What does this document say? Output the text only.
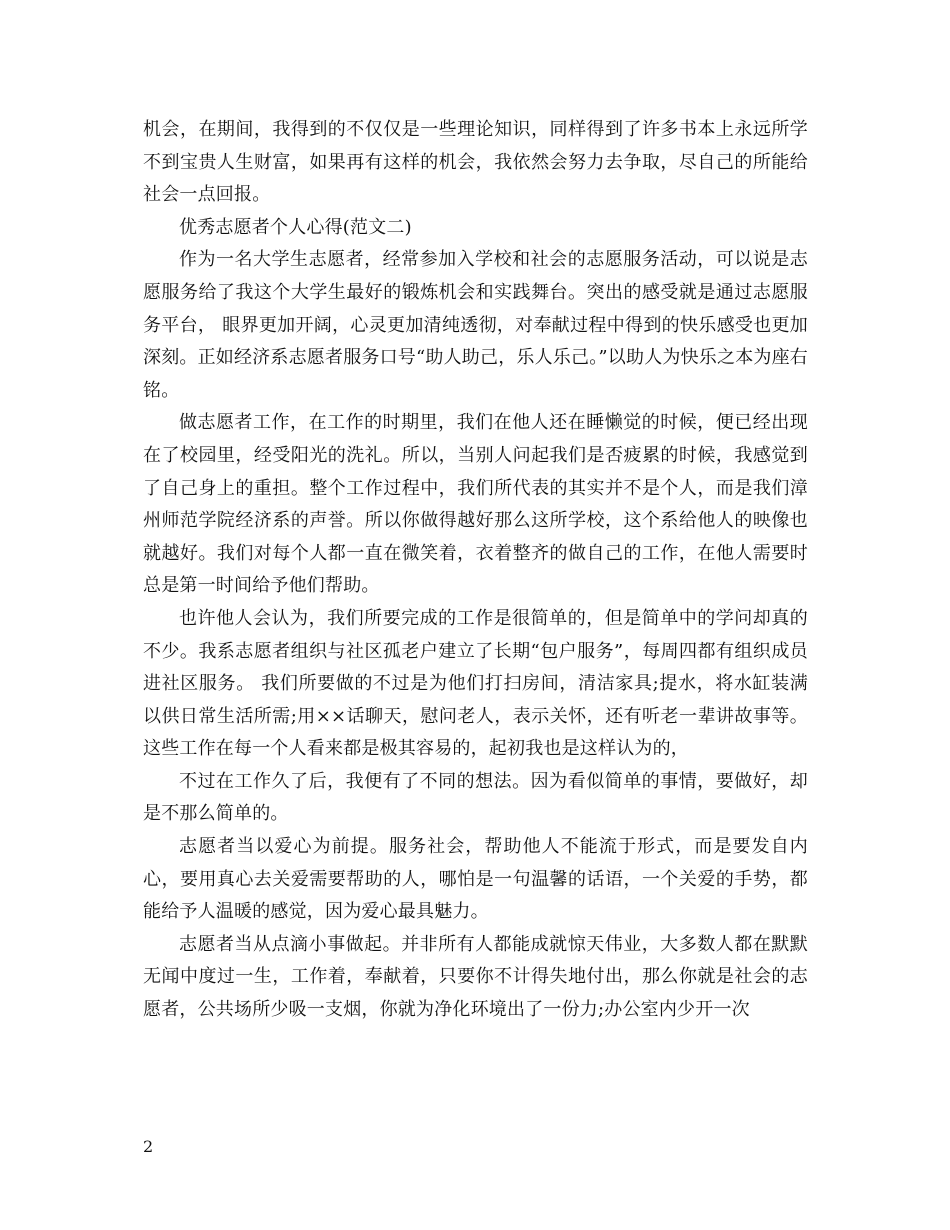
机会，在期间，我得到的不仅仅是一些理论知识，同样得到了许多书本上永远所学不到宝贵人生财富，如果再有这样的机会，我依然会努力去争取，尽自己的所能给社会一点回报。

优秀志愿者个人心得(范文二)

作为一名大学生志愿者，经常参加入学校和社会的志愿服务活动，可以说是志愿服务给了我这个大学生最好的锻炼机会和实践舞台。突出的感受就是通过志愿服务平台， 眼界更加开阔，心灵更加清纯透彻，对奉献过程中得到的快乐感受也更加深刻。正如经济系志愿者服务口号“助人助己，乐人乐己。”以助人为快乐之本为座右铭。

做志愿者工作，在工作的时期里，我们在他人还在睡懒觉的时候，便已经出现在了校园里，经受阳光的洗礼。所以，当别人问起我们是否疲累的时候，我感觉到了自己身上的重担。整个工作过程中，我们所代表的其实并不是个人，而是我们漳州师范学院经济系的声誉。所以你做得越好那么这所学校，这个系给他人的映像也就越好。我们对每个人都一直在微笑着，衣着整齐的做自己的工作，在他人需要时总是第一时间给予他们帮助。

也许他人会认为，我们所要完成的工作是很简单的，但是简单中的学问却真的不少。我系志愿者组织与社区孤老户建立了长期“包户服务”，每周四都有组织成员进社区服务。 我们所要做的不过是为他们打扫房间，清洁家具;提水，将水缸装满以供日常生活所需;用××话聊天，慰问老人，表示关怀，还有听老一辈讲故事等。这些工作在每一个人看来都是极其容易的，起初我也是这样认为的，

不过在工作久了后，我便有了不同的想法。因为看似简单的事情，要做好，却是不那么简单的。

志愿者当以爱心为前提。服务社会，帮助他人不能流于形式，而是要发自内心，要用真心去关爱需要帮助的人，哪怕是一句温馨的话语，一个关爱的手势，都能给予人温暖的感觉，因为爱心最具魅力。

志愿者当从点滴小事做起。并非所有人都能成就惊天伟业，大多数人都在默默无闻中度过一生，工作着，奉献着，只要你不计得失地付出，那么你就是社会的志愿者，公共场所少吸一支烟，你就为净化环境出了一份力;办公室内少开一次

2
